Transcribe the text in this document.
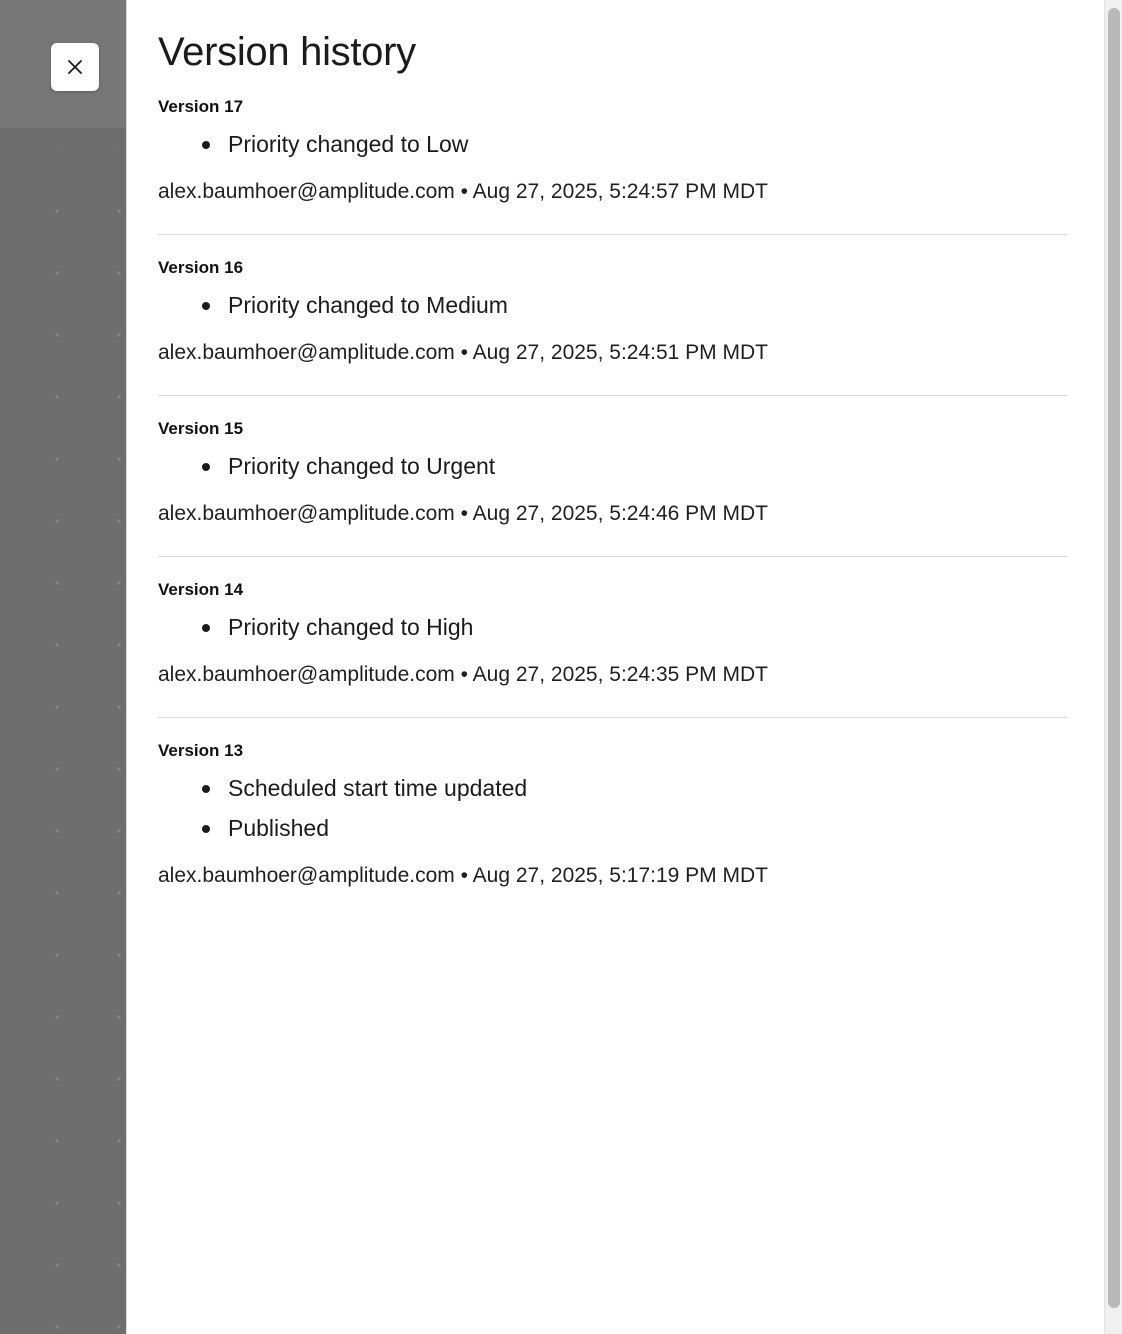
Version history
Version 17
Priority changed to Low
alex.baumhoer@amplitude.com • Aug 27, 2025, 5:24:57 PM MDT
Version 16
Priority changed to Medium
alex.baumhoer@amplitude.com • Aug 27, 2025, 5:24:51 PM MDT
Version 15
Priority changed to Urgent
alex.baumhoer@amplitude.com • Aug 27, 2025, 5:24:46 PM MDT
Version 14
Priority changed to High
alex.baumhoer@amplitude.com • Aug 27, 2025, 5:24:35 PM MDT
Version 13
Scheduled start time updated
Published
alex.baumhoer@amplitude.com • Aug 27, 2025, 5:17:19 PM MDT
